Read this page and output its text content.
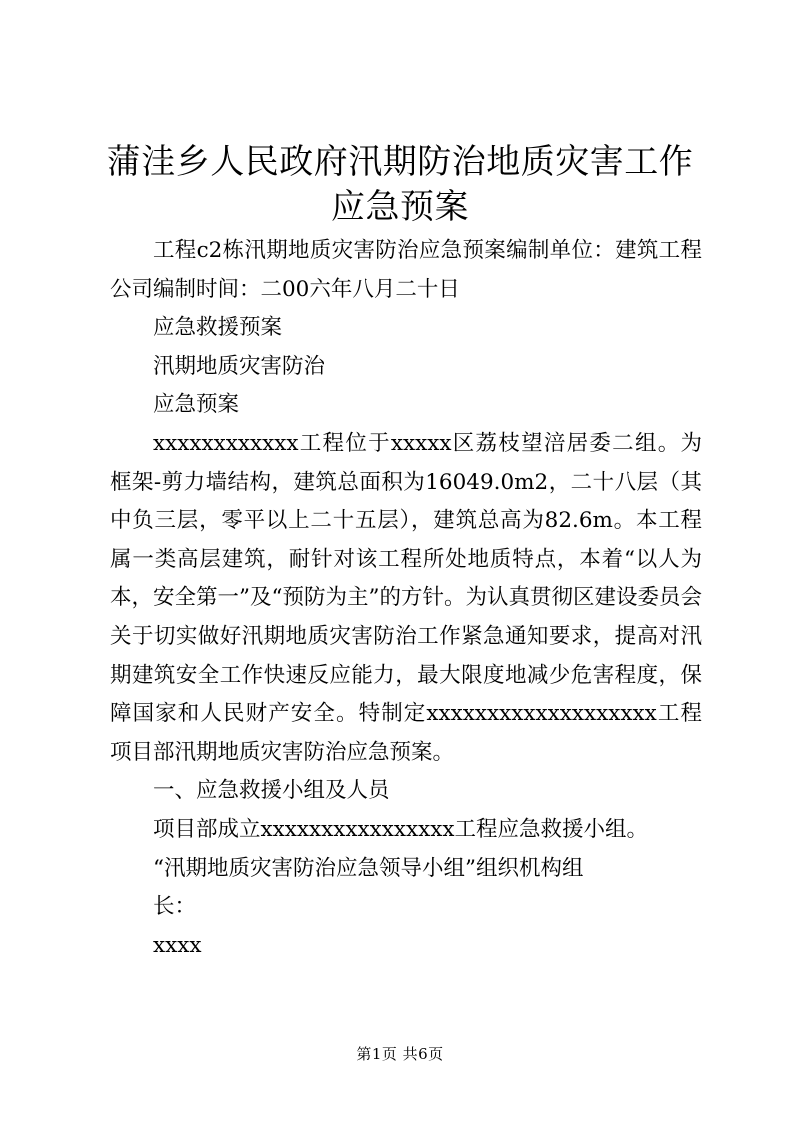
蒲洼乡人民政府汛期防治地质灾害工作应急预案

工程c2栋汛期地质灾害防治应急预案编制单位：建筑工程公司编制时间：二00六年八月二十日

应急救援预案

汛期地质灾害防治

应急预案

xxxxxxxxxxxx工程位于xxxxx区荔枝望涪居委二组。为框架-剪力墙结构，建筑总面积为16049.0m2，二十八层（其中负三层，零平以上二十五层），建筑总高为82.6m。本工程属一类高层建筑，耐针对该工程所处地质特点，本着“以人为本，安全第一”及“预防为主”的方针。为认真贯彻区建设委员会关于切实做好汛期地质灾害防治工作紧急通知要求，提高对汛期建筑安全工作快速反应能力，最大限度地减少危害程度，保障国家和人民财产安全。特制定xxxxxxxxxxxxxxxxxxx工程项目部汛期地质灾害防治应急预案。

一、应急救援小组及人员

项目部成立xxxxxxxxxxxxxxxx工程应急救援小组。

“汛期地质灾害防治应急领导小组”组织机构组

长：

xxxx

第1页 共6页
